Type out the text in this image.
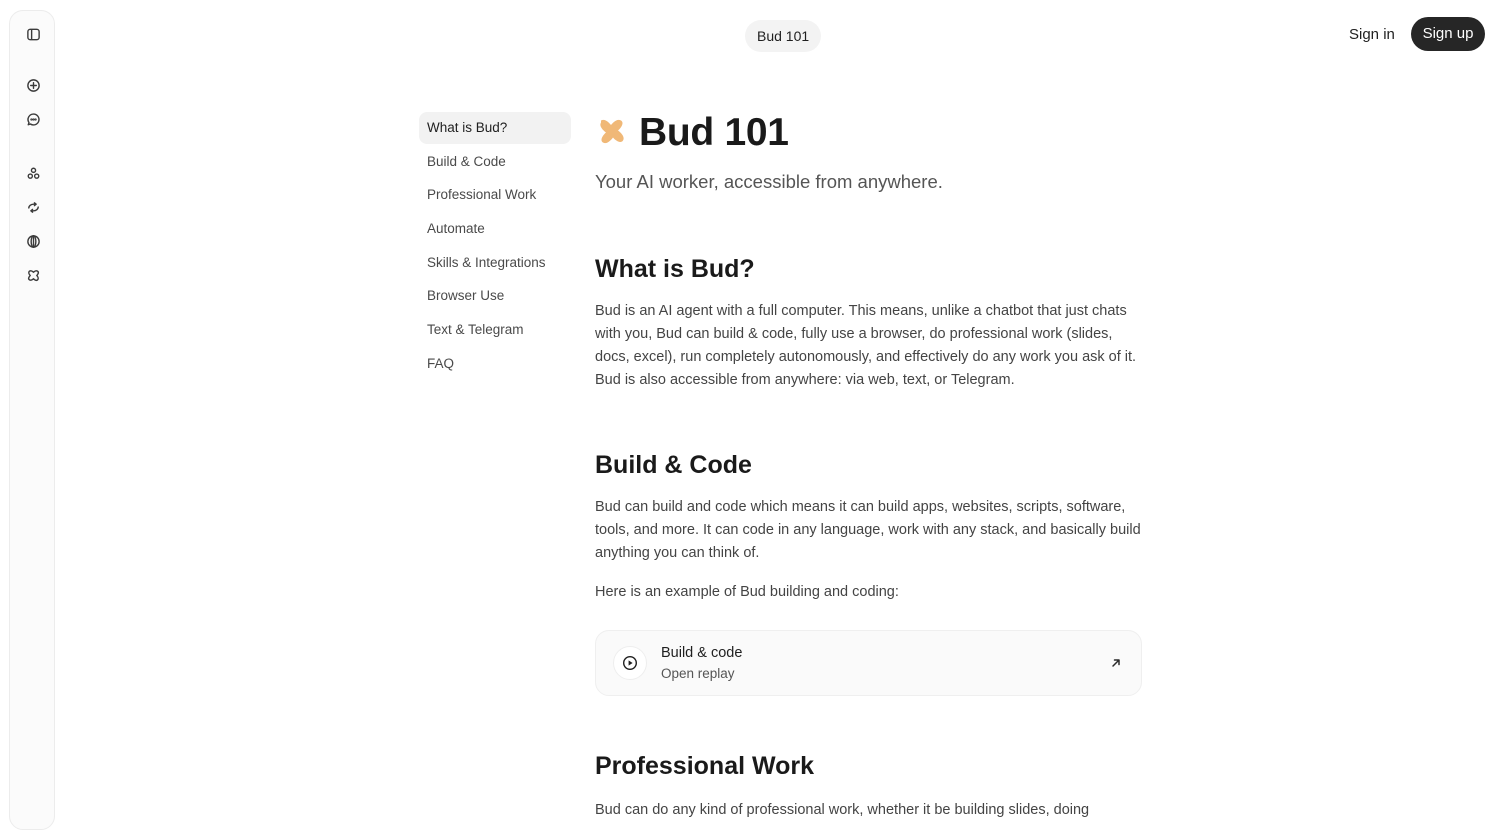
Bud 101	Sign in	Sign up
What is Bud?
Build & Code
Professional Work
Automate
Skills & Integrations
Browser Use
Text & Telegram
FAQ
Bud 101
Your AI worker, accessible from anywhere.
What is Bud?

Bud is an AI agent with a full computer. This means, unlike a chatbot that just chats with you, Bud can build & code, fully use a browser, do professional work (slides, docs, excel), run completely autonomously, and effectively do any work you ask of it. Bud is also accessible from anywhere: via web, text, or Telegram.

Build & Code

Bud can build and code which means it can build apps, websites, scripts, software, tools, and more. It can code in any language, work with any stack, and basically build anything you can think of.

Here is an example of Bud building and coding:

Build & code
Open replay
Professional Work

Bud can do any kind of professional work, whether it be building slides, doing
